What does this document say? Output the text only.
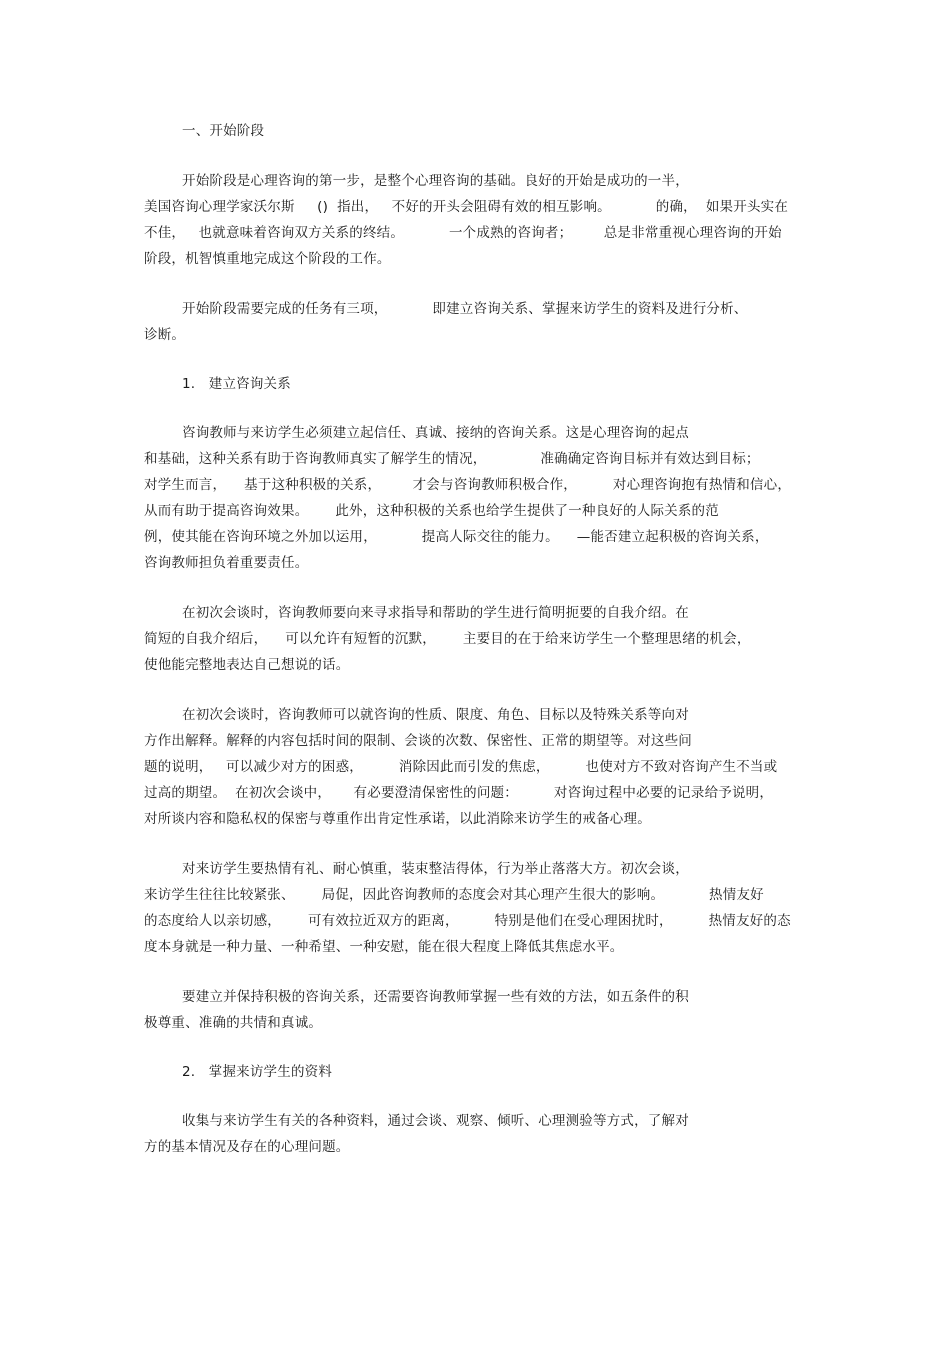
一、开始阶段
开始阶段是心理咨询的第一步，是整个心理咨询的基础。良好的开始是成功的一半，
美国咨询心理学家沃尔斯     ()  指出，   不好的开头会阻碍有效的相互影响。          的确，  如果开头实在
不佳，   也就意味着咨询双方关系的终结。          一个成熟的咨询者；       总是非常重视心理咨询的开始
阶段，机智慎重地完成这个阶段的工作。
开始阶段需要完成的任务有三项，          即建立咨询关系、掌握来访学生的资料及进行分析、
诊断。
1.   建立咨询关系
咨询教师与来访学生必须建立起信任、真诚、接纳的咨询关系。这是心理咨询的起点
和基础，这种关系有助于咨询教师真实了解学生的情况，            准确确定咨询目标并有效达到目标；
对学生而言，    基于这种积极的关系，       才会与咨询教师积极合作，        对心理咨询抱有热情和信心，
从而有助于提高咨询效果。      此外，这种积极的关系也给学生提供了一种良好的人际关系的范
例，使其能在咨询环境之外加以运用，          提高人际交往的能力。    —能否建立起积极的咨询关系，
咨询教师担负着重要责任。
在初次会谈时，咨询教师要向来寻求指导和帮助的学生进行简明扼要的自我介绍。在
简短的自我介绍后，    可以允许有短暂的沉默，      主要目的在于给来访学生一个整理思绪的机会，
使他能完整地表达自己想说的话。
在初次会谈时，咨询教师可以就咨询的性质、限度、角色、目标以及特殊关系等向对
方作出解释。解释的内容包括时间的限制、会谈的次数、保密性、正常的期望等。对这些问
题的说明，   可以减少对方的困惑，        消除因此而引发的焦虑，        也使对方不致对咨询产生不当或
过高的期望。  在初次会谈中，     有必要澄清保密性的问题：        对咨询过程中必要的记录给予说明，
对所谈内容和隐私权的保密与尊重作出肯定性承诺，以此消除来访学生的戒备心理。
对来访学生要热情有礼、耐心慎重，装束整洁得体，行为举止落落大方。初次会谈，
来访学生往往比较紧张、      局促，因此咨询教师的态度会对其心理产生很大的影响。          热情友好
的态度给人以亲切感，      可有效拉近双方的距离，        特别是他们在受心理困扰时，        热情友好的态
度本身就是一种力量、一种希望、一种安慰，能在很大程度上降低其焦虑水平。
要建立并保持积极的咨询关系，还需要咨询教师掌握一些有效的方法，如五条件的积
极尊重、准确的共情和真诚。
2.   掌握来访学生的资料
收集与来访学生有关的各种资料，通过会谈、观察、倾听、心理测验等方式，了解对
方的基本情况及存在的心理问题。
